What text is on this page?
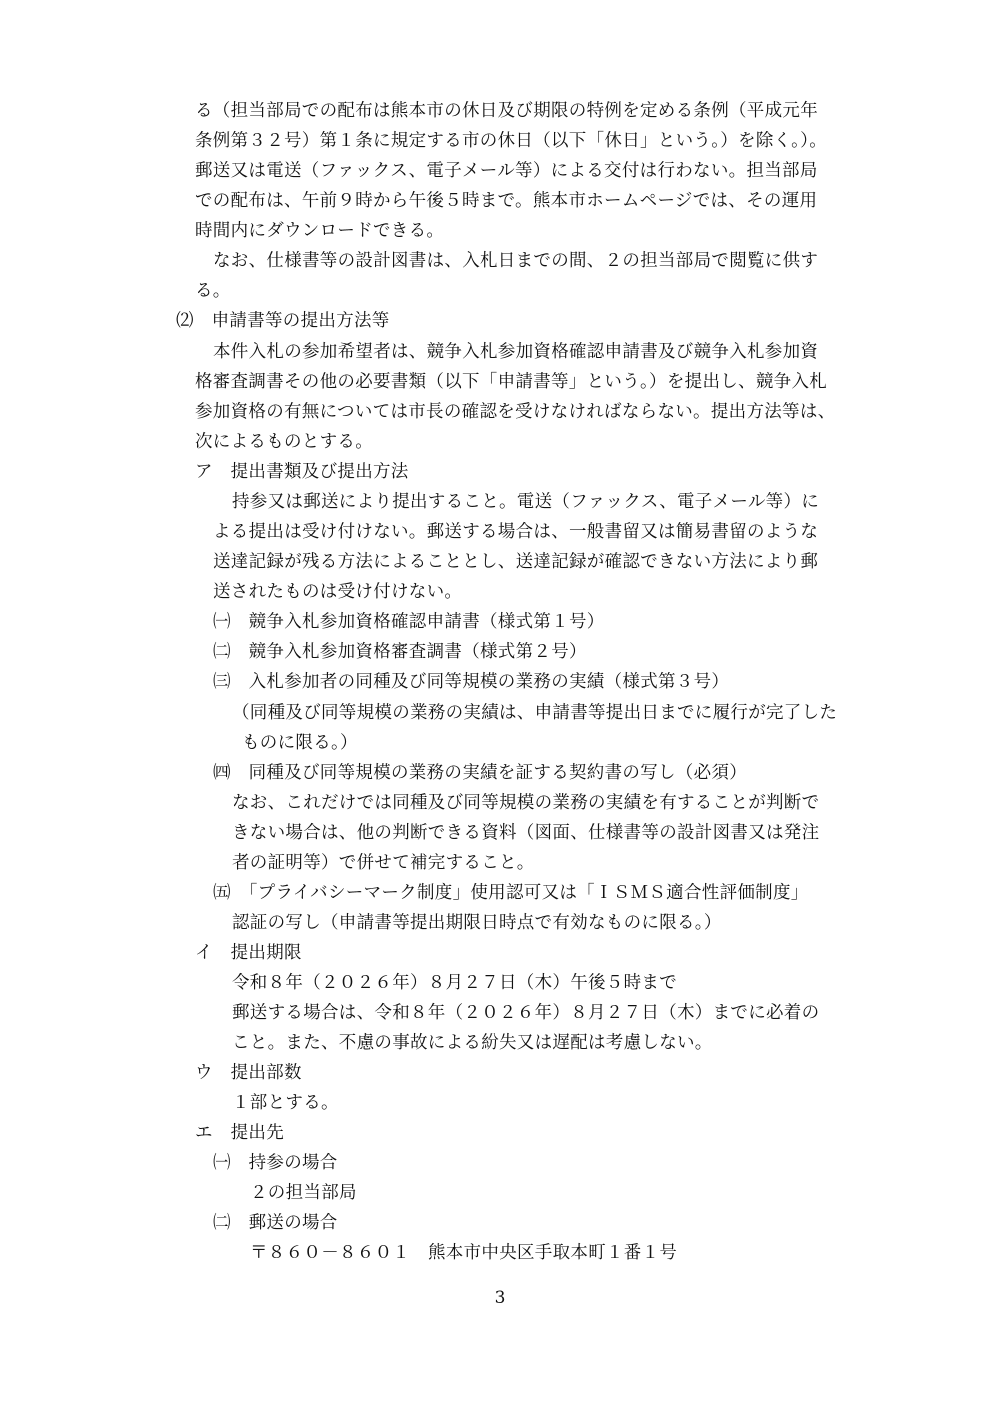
る（担当部局での配布は熊本市の休日及び期限の特例を定める条例（平成元年
条例第３２号）第１条に規定する市の休日（以下「休日」という。）を除く。）。
郵送又は電送（ファックス、電子メール等）による交付は行わない。担当部局
での配布は、午前９時から午後５時まで。熊本市ホームページでは、その運用
時間内にダウンロードできる。
なお、仕様書等の設計図書は、入札日までの間、２の担当部局で閲覧に供す
る。
⑵　申請書等の提出方法等
本件入札の参加希望者は、競争入札参加資格確認申請書及び競争入札参加資
格審査調書その他の必要書類（以下「申請書等」という。）を提出し、競争入札
参加資格の有無については市長の確認を受けなければならない。提出方法等は、
次によるものとする。
ア　提出書類及び提出方法
持参又は郵送により提出すること。電送（ファックス、電子メール等）に
よる提出は受け付けない。郵送する場合は、一般書留又は簡易書留のような
送達記録が残る方法によることとし、送達記録が確認できない方法により郵
送されたものは受け付けない。
㈠　競争入札参加資格確認申請書（様式第１号）
㈡　競争入札参加資格審査調書（様式第２号）
㈢　入札参加者の同種及び同等規模の業務の実績（様式第３号）
（同種及び同等規模の業務の実績は、申請書等提出日までに履行が完了した
ものに限る。）
㈣　同種及び同等規模の業務の実績を証する契約書の写し（必須）
なお、これだけでは同種及び同等規模の業務の実績を有することが判断で
きない場合は、他の判断できる資料（図面、仕様書等の設計図書又は発注
者の証明等）で併せて補完すること。
㈤　「プライバシーマーク制度」使用認可又は「ＩＳＭＳ適合性評価制度」
認証の写し（申請書等提出期限日時点で有効なものに限る。）
イ　提出期限
令和８年（２０２６年）８月２７日（木）午後５時まで
郵送する場合は、令和８年（２０２６年）８月２７日（木）までに必着の
こと。また、不慮の事故による紛失又は遅配は考慮しない。
ウ　提出部数
１部とする。
エ　提出先
㈠　持参の場合
２の担当部局
㈡　郵送の場合
〒８６０－８６０１　熊本市中央区手取本町１番１号
3
